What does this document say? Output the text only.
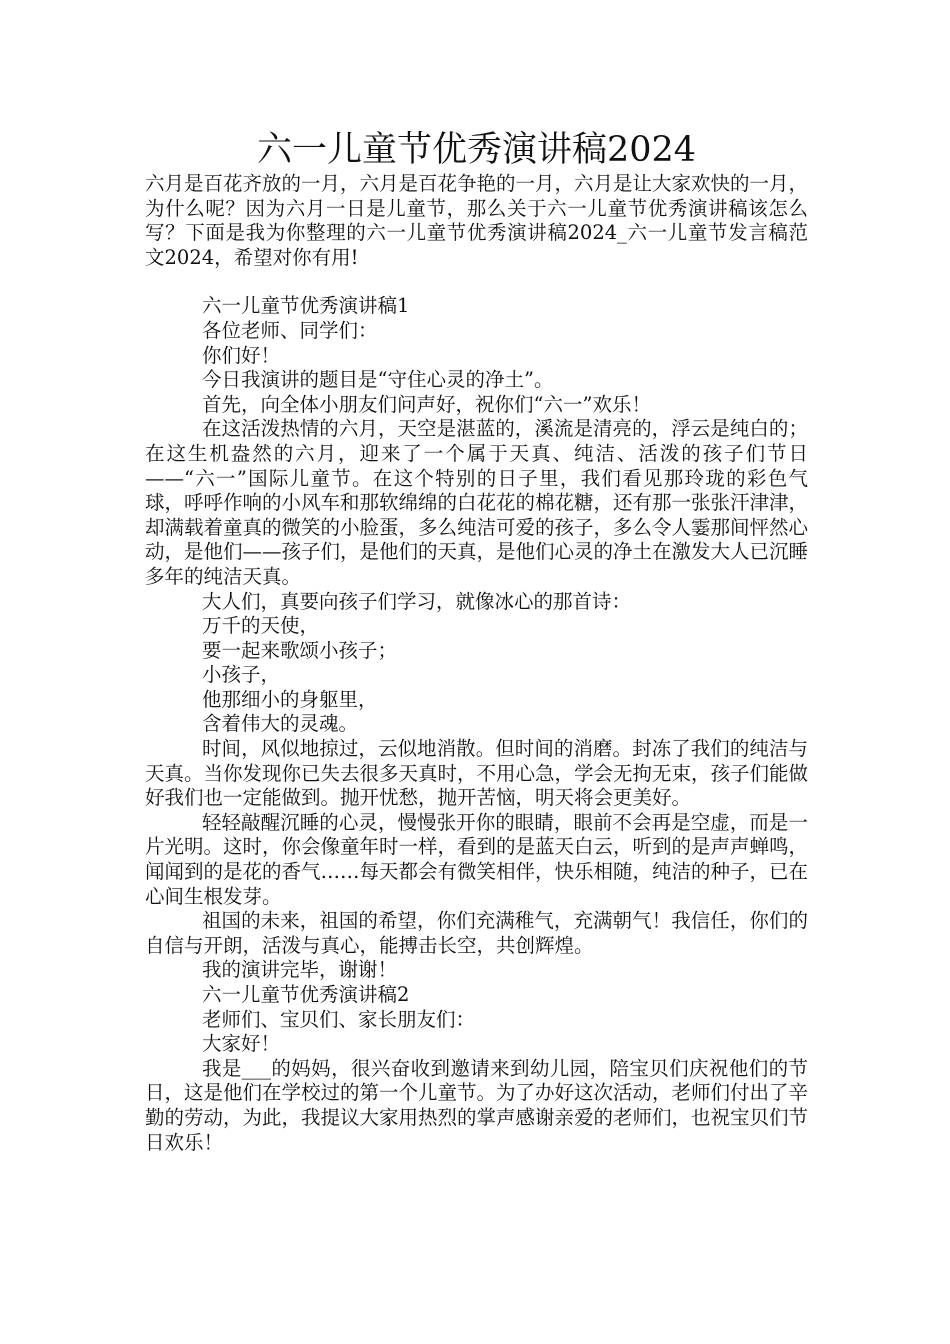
六一儿童节优秀演讲稿2024

六月是百花齐放的一月，六月是百花争艳的一月，六月是让大家欢快的一月，为什么呢？因为六月一日是儿童节，那么关于六一儿童节优秀演讲稿该怎么写？下面是我为你整理的六一儿童节优秀演讲稿2024_六一儿童节发言稿范文2024，希望对你有用!

六一儿童节优秀演讲稿1

各位老师、同学们：

你们好！

今日我演讲的题目是“守住心灵的净土”。

首先，向全体小朋友们问声好，祝你们“六一”欢乐！

在这活泼热情的六月，天空是湛蓝的，溪流是清亮的，浮云是纯白的；在这生机盎然的六月，迎来了一个属于天真、纯洁、活泼的孩子们节日——“六一”国际儿童节。在这个特别的日子里，我们看见那玲珑的彩色气球，呼呼作响的小风车和那软绵绵的白花花的棉花糖，还有那一张张汗津津，却满载着童真的微笑的小脸蛋，多么纯洁可爱的孩子，多么令人霎那间怦然心动，是他们——孩子们，是他们的天真，是他们心灵的净土在激发大人已沉睡多年的纯洁天真。

大人们，真要向孩子们学习，就像冰心的那首诗：

万千的天使，

要一起来歌颂小孩子；

小孩子，

他那细小的身躯里，

含着伟大的灵魂。

时间，风似地掠过，云似地消散。但时间的消磨。封冻了我们的纯洁与天真。当你发现你已失去很多天真时，不用心急，学会无拘无束，孩子们能做好我们也一定能做到。抛开忧愁，抛开苦恼，明天将会更美好。

轻轻敲醒沉睡的心灵，慢慢张开你的眼睛，眼前不会再是空虚，而是一片光明。这时，你会像童年时一样，看到的是蓝天白云，听到的是声声蝉鸣，闻闻到的是花的香气……每天都会有微笑相伴，快乐相随，纯洁的种子，已在心间生根发芽。

祖国的未来，祖国的希望，你们充满稚气，充满朝气！我信任，你们的自信与开朗，活泼与真心，能搏击长空，共创辉煌。

我的演讲完毕，谢谢！

六一儿童节优秀演讲稿2

老师们、宝贝们、家长朋友们：

大家好！

我是___的妈妈，很兴奋收到邀请来到幼儿园，陪宝贝们庆祝他们的节日，这是他们在学校过的第一个儿童节。为了办好这次活动，老师们付出了辛勤的劳动，为此，我提议大家用热烈的掌声感谢亲爱的老师们，也祝宝贝们节日欢乐！
